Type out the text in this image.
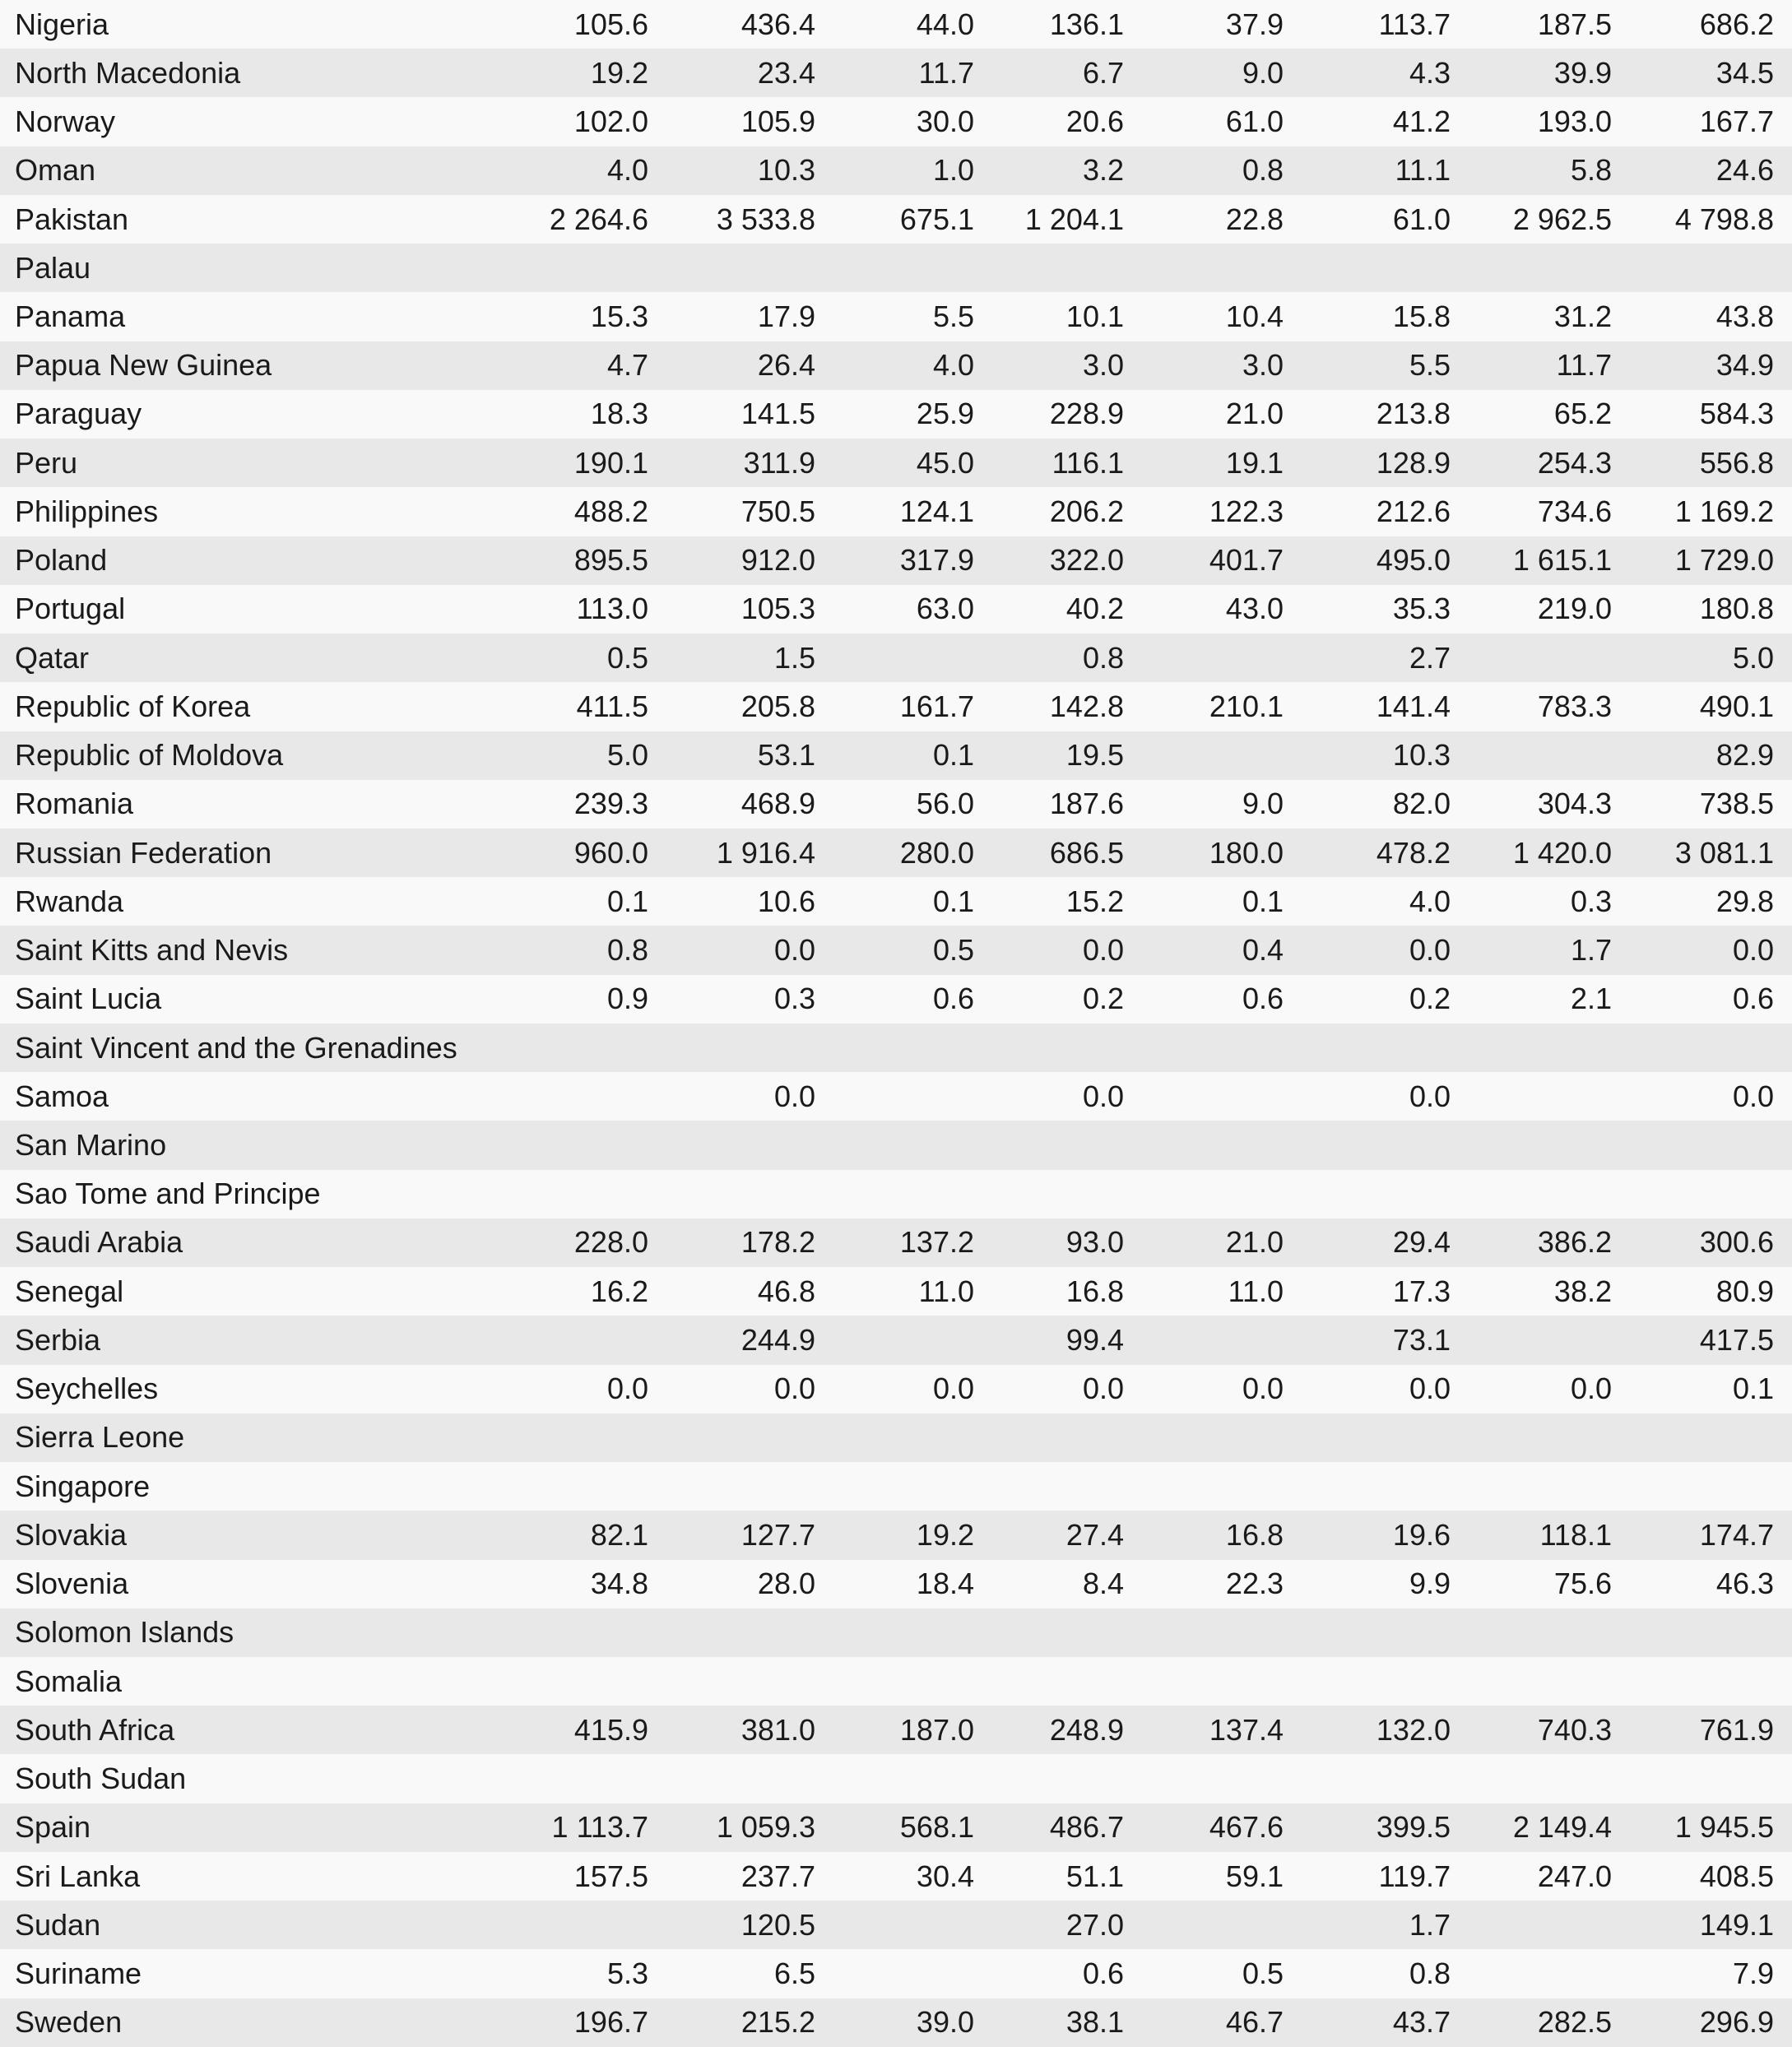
Nigeria	105.6	436.4	44.0	136.1	37.9	113.7	187.5	686.2
North Macedonia	19.2	23.4	11.7	6.7	9.0	4.3	39.9	34.5
Norway	102.0	105.9	30.0	20.6	61.0	41.2	193.0	167.7
Oman	4.0	10.3	1.0	3.2	0.8	11.1	5.8	24.6
Pakistan	2 264.6	3 533.8	675.1	1 204.1	22.8	61.0	2 962.5	4 798.8
Palau								
Panama	15.3	17.9	5.5	10.1	10.4	15.8	31.2	43.8
Papua New Guinea	4.7	26.4	4.0	3.0	3.0	5.5	11.7	34.9
Paraguay	18.3	141.5	25.9	228.9	21.0	213.8	65.2	584.3
Peru	190.1	311.9	45.0	116.1	19.1	128.9	254.3	556.8
Philippines	488.2	750.5	124.1	206.2	122.3	212.6	734.6	1 169.2
Poland	895.5	912.0	317.9	322.0	401.7	495.0	1 615.1	1 729.0
Portugal	113.0	105.3	63.0	40.2	43.0	35.3	219.0	180.8
Qatar	0.5	1.5		0.8		2.7		5.0
Republic of Korea	411.5	205.8	161.7	142.8	210.1	141.4	783.3	490.1
Republic of Moldova	5.0	53.1	0.1	19.5		10.3		82.9
Romania	239.3	468.9	56.0	187.6	9.0	82.0	304.3	738.5
Russian Federation	960.0	1 916.4	280.0	686.5	180.0	478.2	1 420.0	3 081.1
Rwanda	0.1	10.6	0.1	15.2	0.1	4.0	0.3	29.8
Saint Kitts and Nevis	0.8	0.0	0.5	0.0	0.4	0.0	1.7	0.0
Saint Lucia	0.9	0.3	0.6	0.2	0.6	0.2	2.1	0.6
Saint Vincent and the Grenadines								
Samoa		0.0		0.0		0.0		0.0
San Marino								
Sao Tome and Principe								
Saudi Arabia	228.0	178.2	137.2	93.0	21.0	29.4	386.2	300.6
Senegal	16.2	46.8	11.0	16.8	11.0	17.3	38.2	80.9
Serbia		244.9		99.4		73.1		417.5
Seychelles	0.0	0.0	0.0	0.0	0.0	0.0	0.0	0.1
Sierra Leone								
Singapore								
Slovakia	82.1	127.7	19.2	27.4	16.8	19.6	118.1	174.7
Slovenia	34.8	28.0	18.4	8.4	22.3	9.9	75.6	46.3
Solomon Islands								
Somalia								
South Africa	415.9	381.0	187.0	248.9	137.4	132.0	740.3	761.9
South Sudan								
Spain	1 113.7	1 059.3	568.1	486.7	467.6	399.5	2 149.4	1 945.5
Sri Lanka	157.5	237.7	30.4	51.1	59.1	119.7	247.0	408.5
Sudan		120.5		27.0		1.7		149.1
Suriname	5.3	6.5		0.6	0.5	0.8		7.9
Sweden	196.7	215.2	39.0	38.1	46.7	43.7	282.5	296.9
